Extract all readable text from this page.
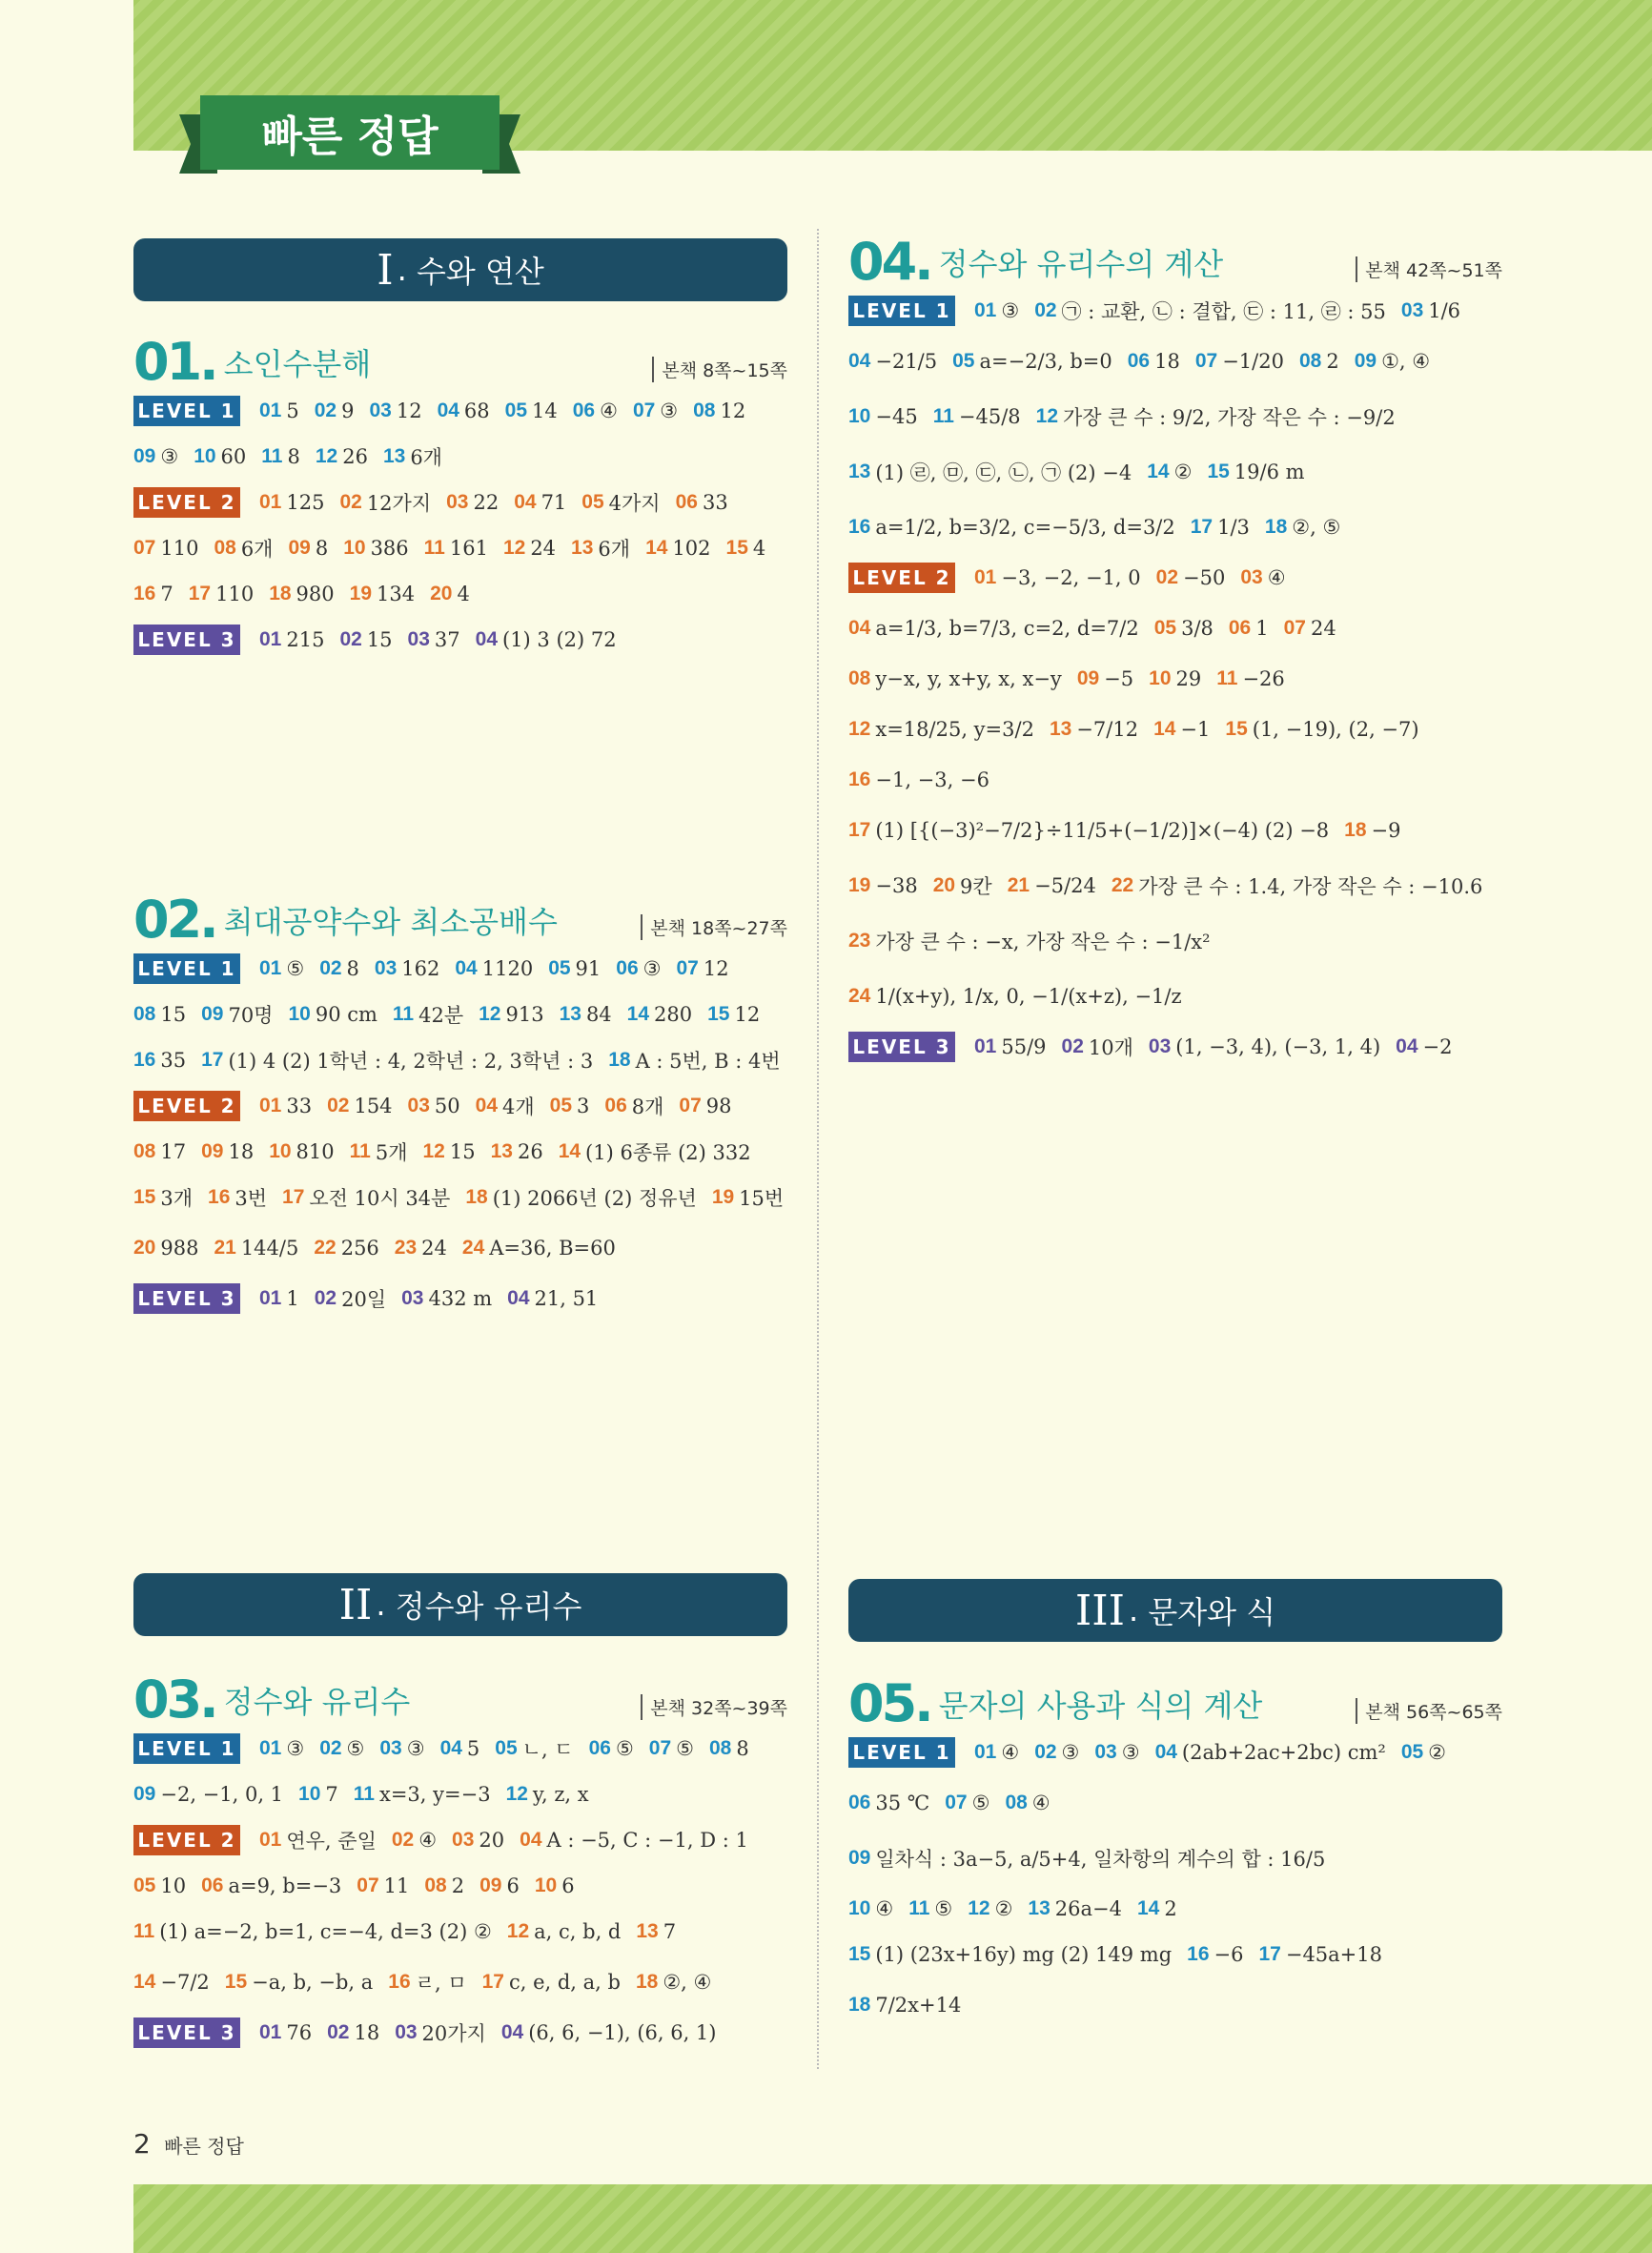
빠른 정답
I .
수와 연산
01. 소인수분해	본책 8쪽~15쪽
LEVEL 1 01 5 02 9 03 12 04 68 05 14 06 ④ 07 ③ 08 12
09 ③ 10 60 11 8 12 26 13 6개
LEVEL 2 01 125 02 12가지 03 22 04 71 05 4가지 06 33
07 110 08 6개 09 8 10 386 11 161 12 24 13 6개 14 102 15 4
16 7 17 110 18 980 19 134 20 4
LEVEL 3 01 215 02 15 03 37 04 (1) 3 (2) 72
02. 최대공약수와 최소공배수	본책 18쪽~27쪽
LEVEL 1 01 ⑤ 02 8 03 162 04 1120 05 91 06 ③ 07 12
08 15 09 70명 10 90 cm 11 42분 12 913 13 84 14 280 15 12
16 35 17 (1) 4 (2) 1학년 : 4, 2학년 : 2, 3학년 : 3 18 A : 5번, B : 4번
LEVEL 2 01 33 02 154 03 50 04 4개 05 3 06 8개 07 98
08 17 09 18 10 810 11 5개 12 15 13 26 14 (1) 6종류 (2) 332
15 3개 16 3번 17 오전 10시 34분 18 (1) 2066년 (2) 정유년 19 15번
20 988 21 144/5 22 256 23 24 24 A=36, B=60
LEVEL 3 01 1 02 20일 03 432 m 04 21, 51
II .
정수와 유리수
03. 정수와 유리수	본책 32쪽~39쪽
LEVEL 1 01 ③ 02 ⑤ 03 ③ 04 5 05 ㄴ, ㄷ 06 ⑤ 07 ⑤ 08 8
09 −2, −1, 0, 1 10 7 11 x=3, y=−3 12 y, z, x
LEVEL 2 01 연우, 준일 02 ④ 03 20 04 A : −5, C : −1, D : 1
05 10 06 a=9, b=−3 07 11 08 2 09 6 10 6
11 (1) a=−2, b=1, c=−4, d=3 (2) ② 12 a, c, b, d 13 7
14 −7/2 15 −a, b, −b, a 16 ㄹ, ㅁ 17 c, e, d, a, b 18 ②, ④
LEVEL 3 01 76 02 18 03 20가지 04 (6, 6, −1), (6, 6, 1)
04. 정수와 유리수의 계산	본책 42쪽~51쪽
LEVEL 1 01 ③ 02 ㉠ : 교환, ㉡ : 결합, ㉢ : 11, ㉣ : 55 03 1/6
04 −21/5 05 a=−2/3, b=0 06 18 07 −1/20 08 2 09 ①, ④
10 −45 11 −45/8 12 가장 큰 수 : 9/2, 가장 작은 수 : −9/2
13 (1) ㉣, ㉤, ㉢, ㉡, ㉠ (2) −4 14 ② 15 19/6 m
16 a=1/2, b=3/2, c=−5/3, d=3/2 17 1/3 18 ②, ⑤
LEVEL 2 01 −3, −2, −1, 0 02 −50 03 ④
04 a=1/3, b=7/3, c=2, d=7/2 05 3/8 06 1 07 24
08 y−x, y, x+y, x, x−y 09 −5 10 29 11 −26
12 x=18/25, y=3/2 13 −7/12 14 −1 15 (1, −19), (2, −7)
16 −1, −3, −6
17 (1) [{(−3)²−7/2}÷11/5+(−1/2)]×(−4) (2) −8 18 −9
19 −38 20 9칸 21 −5/24 22 가장 큰 수 : 1.4, 가장 작은 수 : −10.6
23 가장 큰 수 : −x, 가장 작은 수 : −1/x²
24 1/(x+y), 1/x, 0, −1/(x+z), −1/z
LEVEL 3 01 55/9 02 10개 03 (1, −3, 4), (−3, 1, 4) 04 −2
III .
문자와 식
05. 문자의 사용과 식의 계산	본책 56쪽~65쪽
LEVEL 1 01 ④ 02 ③ 03 ③ 04 (2ab+2ac+2bc) cm² 05 ②
06 35 ℃ 07 ⑤ 08 ④
09 일차식 : 3a−5, a/5+4, 일차항의 계수의 합 : 16/5
10 ④ 11 ⑤ 12 ② 13 26a−4 14 2
15 (1) (23x+16y) mg (2) 149 mg 16 −6 17 −45a+18
18 7/2x+14
2 빠른 정답
